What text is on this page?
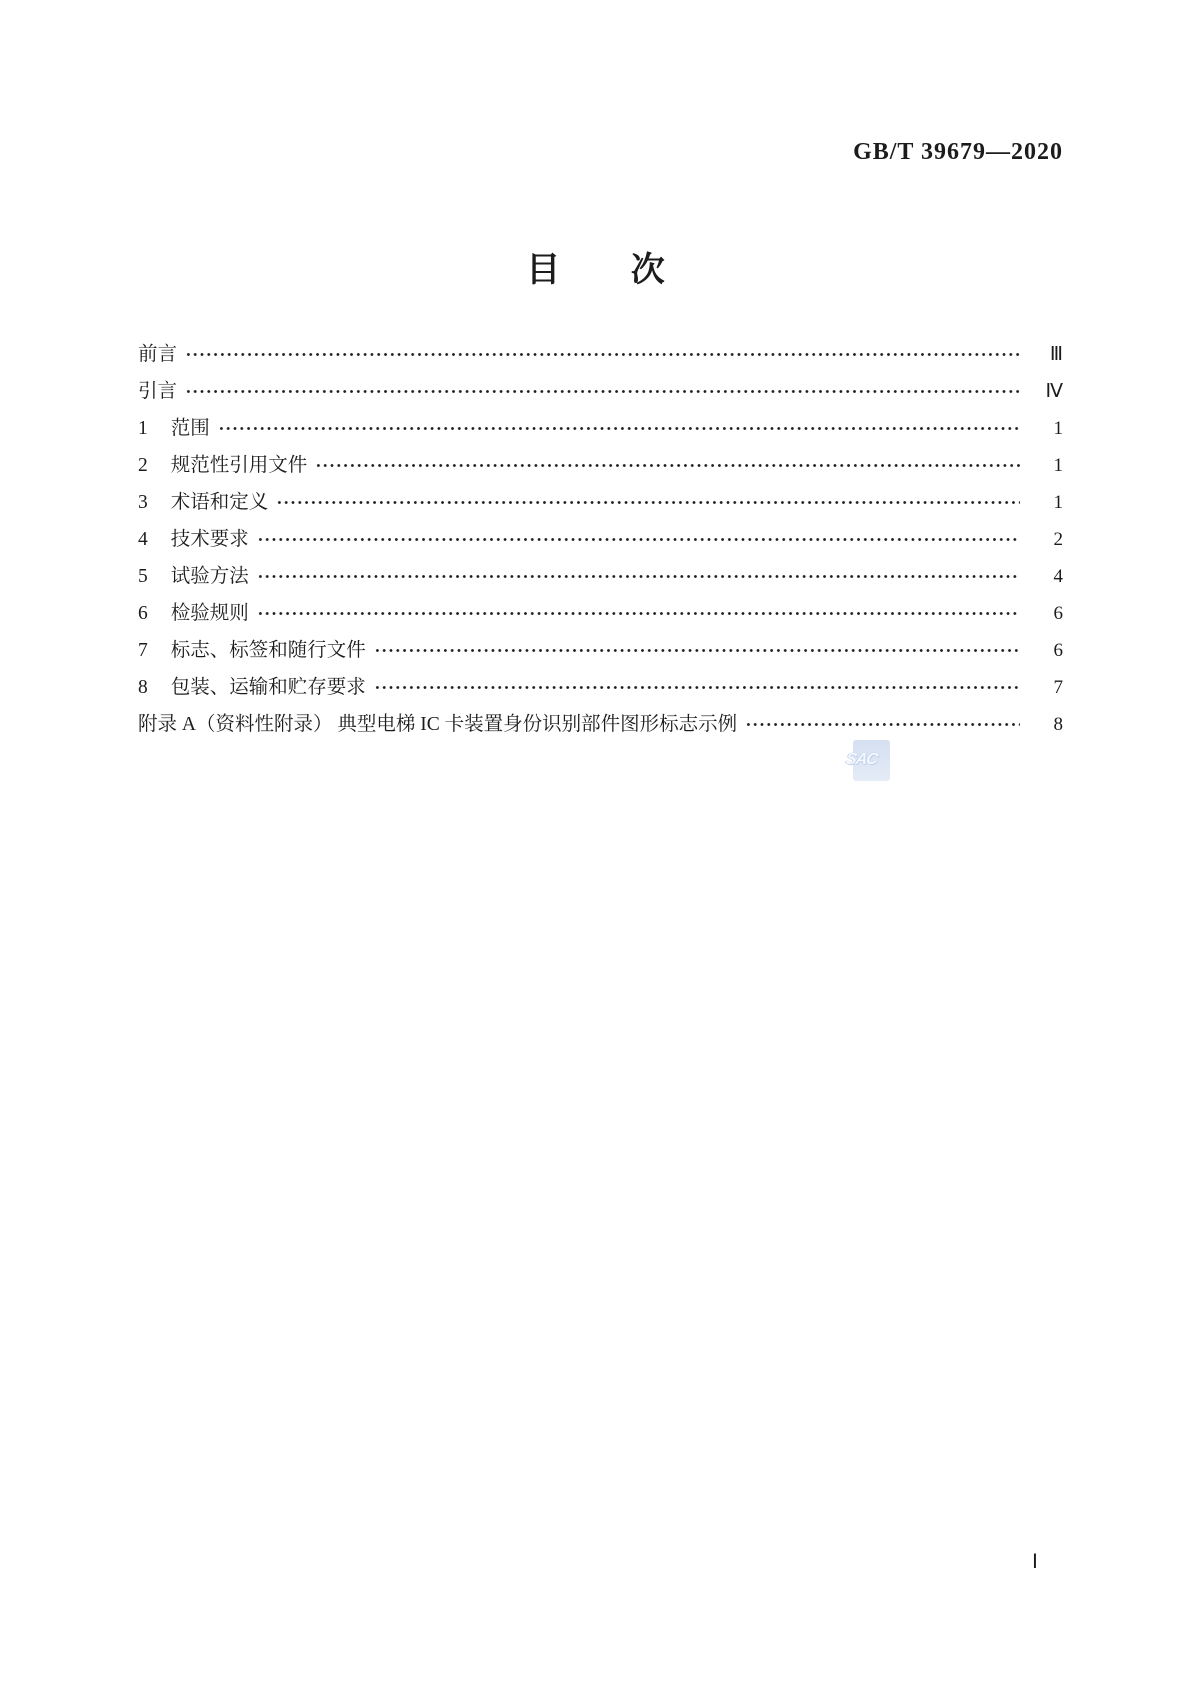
GB/T 39679—2020
目 次
前言	Ⅲ
引言	Ⅳ
1 范围	1
2 规范性引用文件	1
3 术语和定义	1
4 技术要求	2
5 试验方法	4
6 检验规则	6
7 标志、标签和随行文件	6
8 包装、运输和贮存要求	7
附录 A（资料性附录） 典型电梯 IC 卡装置身份识别部件图形标志示例	8
SAC
Ⅰ
